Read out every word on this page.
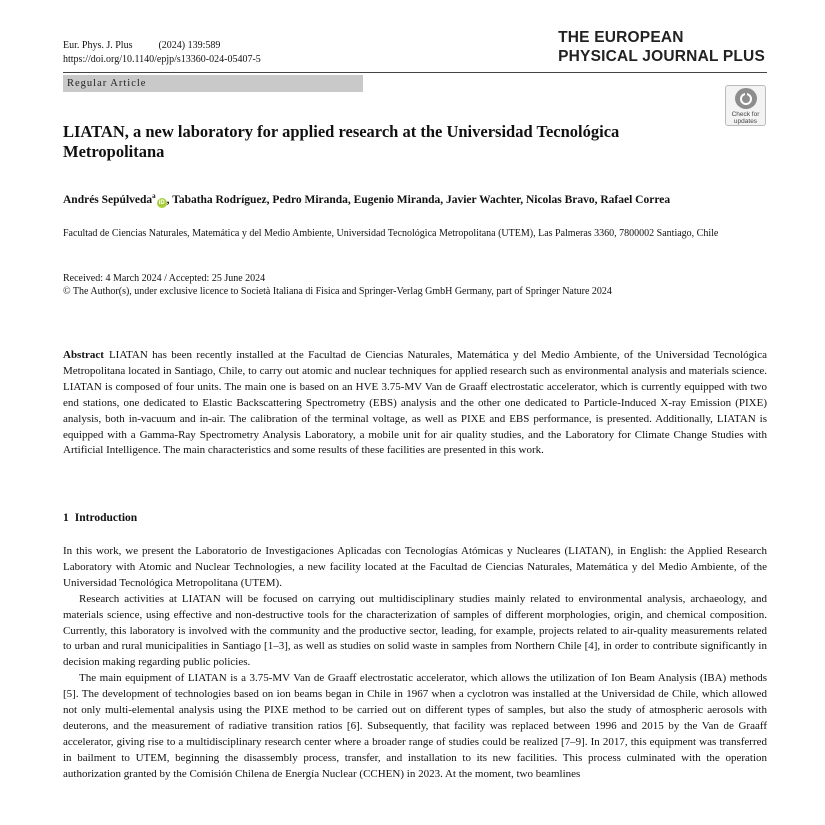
Eur. Phys. J. Plus	(2024) 139:589
https://doi.org/10.1140/epjp/s13360-024-05407-5
THE EUROPEAN
PHYSICAL JOURNAL PLUS
Regular Article
Check for
updates
LIATAN, a new laboratory for applied research at the Universidad Tecnológica Metropolitana
Andrés Sepúlveda$^a$iD , Tabatha Rodríguez, Pedro Miranda, Eugenio Miranda, Javier Wachter, Nicolas Bravo, Rafael Correa
Facultad de Ciencias Naturales, Matemática y del Medio Ambiente, Universidad Tecnológica Metropolitana (UTEM), Las Palmeras 3360, 7800002 Santiago, Chile
Received: 4 March 2024 / Accepted: 25 June 2024
© The Author(s), under exclusive licence to Società Italiana di Fisica and Springer-Verlag GmbH Germany, part of Springer Nature 2024
Abstract LIATAN has been recently installed at the Facultad de Ciencias Naturales, Matemática y del Medio Ambiente, of the Universidad Tecnológica Metropolitana located in Santiago, Chile, to carry out atomic and nuclear techniques for applied research such as environmental analysis and materials science. LIATAN is composed of four units. The main one is based on an HVE 3.75-MV Van de Graaff electrostatic accelerator, which is currently equipped with two end stations, one dedicated to Elastic Backscattering Spectrometry (EBS) analysis and the other one dedicated to Particle-Induced X-ray Emission (PIXE) analysis, both in-vacuum and in-air. The calibration of the terminal voltage, as well as PIXE and EBS performance, is presented. Additionally, LIATAN is equipped with a Gamma-Ray Spectrometry Analysis Laboratory, a mobile unit for air quality studies, and the Laboratory for Climate Change Studies with Artificial Intelligence. The main characteristics and some results of these facilities are presented in this work.
1 Introduction

In this work, we present the Laboratorio de Investigaciones Aplicadas con Tecnologías Atómicas y Nucleares (LIATAN), in English: the Applied Research Laboratory with Atomic and Nuclear Technologies, a new facility located at the Facultad de Ciencias Naturales, Matemática y del Medio Ambiente, of the Universidad Tecnológica Metropolitana (UTEM).

Research activities at LIATAN will be focused on carrying out multidisciplinary studies mainly related to environmental analysis, archaeology, and materials science, using effective and non-destructive tools for the characterization of samples of different morphologies, origin, and chemical composition. Currently, this laboratory is involved with the community and the productive sector, leading, for example, projects related to air-quality measurements related to urban and rural municipalities in Santiago [1–3], as well as studies on solid waste in samples from Northern Chile [4], in order to contribute significantly in decision making regarding public policies.

The main equipment of LIATAN is a 3.75-MV Van de Graaff electrostatic accelerator, which allows the utilization of Ion Beam Analysis (IBA) methods [5]. The development of technologies based on ion beams began in Chile in 1967 when a cyclotron was installed at the Universidad de Chile, which allowed not only multi-elemental analysis using the PIXE method to be carried out on different types of samples, but also the study of atmospheric aerosols with deuterons, and the measurement of radiative transition ratios [6]. Subsequently, that facility was replaced between 1996 and 2015 by the Van de Graaff accelerator, giving rise to a multidisciplinary research center where a broader range of studies could be realized [7–9]. In 2017, this equipment was transferred in bailment to UTEM, beginning the disassembly process, transfer, and installation to its new facilities. This process culminated with the operation authorization granted by the Comisión Chilena de Energía Nuclear (CCHEN) in 2023. At the moment, two beamlines
